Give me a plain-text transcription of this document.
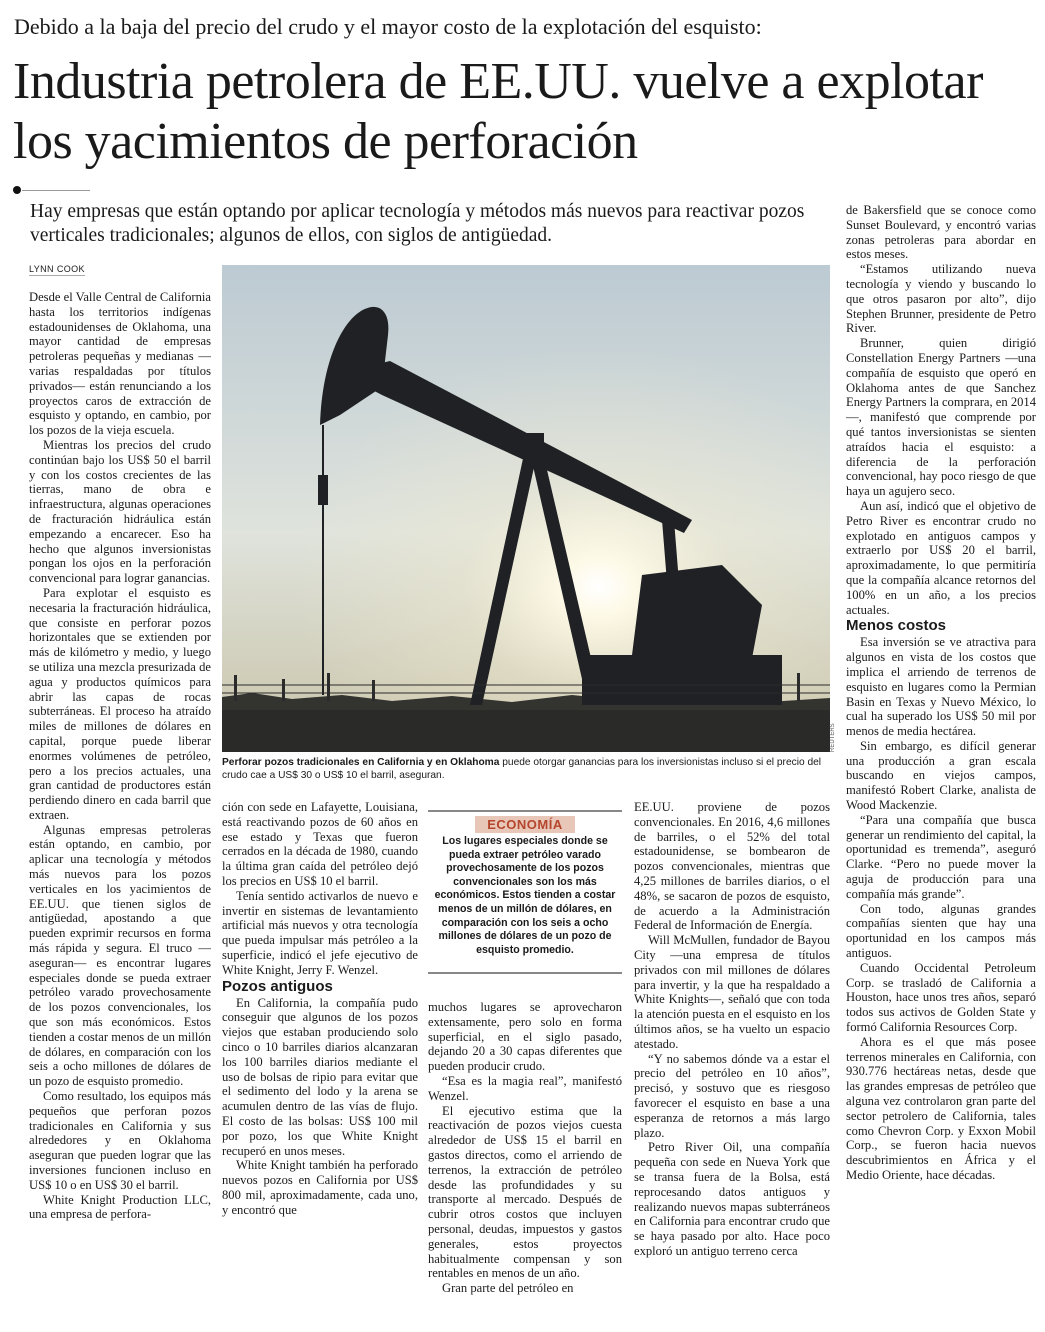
Debido a la baja del precio del crudo y el mayor costo de la explotación del esquisto:
Industria petrolera de EE.UU. vuelve a explotar los yacimientos de perforación
Hay empresas que están optando por aplicar tecnología y métodos más nuevos para reactivar pozos verticales tradicionales; algunos de ellos, con siglos de antigüedad.
LYNN COOK

Desde el Valle Central de California hasta los territorios indígenas estadounidenses de Oklahoma, una mayor cantidad de empresas petroleras pequeñas y medianas —varias respaldadas por títulos privados— están renunciando a los proyectos caros de extracción de esquisto y optando, en cambio, por los pozos de la vieja escuela.

Mientras los precios del crudo continúan bajo los US$ 50 el barril y con los costos crecientes de las tierras, mano de obra e infraestructura, algunas operaciones de fracturación hidráulica están empezando a encarecer. Eso ha hecho que algunos inversionistas pongan los ojos en la perforación convencional para lograr ganancias.

Para explotar el esquisto es necesaria la fracturación hidráulica, que consiste en perforar pozos horizontales que se extienden por más de kilómetro y medio, y luego se utiliza una mezcla presurizada de agua y productos químicos para abrir las capas de rocas subterráneas. El proceso ha atraído miles de millones de dólares en capital, porque puede liberar enormes volúmenes de petróleo, pero a los precios actuales, una gran cantidad de productores están perdiendo dinero en cada barril que extraen.

Algunas empresas petroleras están optando, en cambio, por aplicar una tecnología y métodos más nuevos para los pozos verticales en los yacimientos de EE.UU. que tienen siglos de antigüedad, apostando a que pueden exprimir recursos en forma más rápida y segura. El truco —aseguran— es encontrar lugares especiales donde se pueda extraer petróleo varado provechosamente de los pozos convencionales, los que son más económicos. Estos tienden a costar menos de un millón de dólares, en comparación con los seis a ocho millones de dólares de un pozo de esquisto promedio.

Como resultado, los equipos más pequeños que perforan pozos tradicionales en California y sus alrededores y en Oklahoma aseguran que pueden lograr que las inversiones funcionen incluso en US$ 10 o en US$ 30 el barril.

White Knight Production LLC, una empresa de perfora-

REUTERS
Perforar pozos tradicionales en California y en Oklahoma puede otorgar ganancias para los inversionistas incluso si el precio del crudo cae a US$ 30 o US$ 10 el barril, aseguran.

ción con sede en Lafayette, Louisiana, está reactivando pozos de 60 años en ese estado y Texas que fueron cerrados en la década de 1980, cuando la última gran caída del petróleo dejó los precios en US$ 10 el barril.

Tenía sentido activarlos de nuevo e invertir en sistemas de levantamiento artificial más nuevos y otra tecnología que pueda impulsar más petróleo a la superficie, indicó el jefe ejecutivo de White Knight, Jerry F. Wenzel.

Pozos antiguos

En California, la compañía pudo conseguir que algunos de los pozos viejos que estaban produciendo solo cinco o 10 barriles diarios alcanzaran los 100 barriles diarios mediante el uso de bolsas de ripio para evitar que el sedimento del lodo y la arena se acumulen dentro de las vías de flujo. El costo de las bolsas: US$ 100 mil por pozo, los que White Knight recuperó en unos meses.

White Knight también ha perforado nuevos pozos en California por US$ 800 mil, aproximadamente, cada uno, y encontró que

ECONOMÍA
Los lugares especiales donde se pueda extraer petróleo varado provechosamente de los pozos convencionales son los más económicos. Estos tienden a costar menos de un millón de dólares, en comparación con los seis a ocho millones de dólares de un pozo de esquisto promedio.

muchos lugares se aprovecharon extensamente, pero solo en forma superficial, en el siglo pasado, dejando 20 a 30 capas diferentes que pueden producir crudo.

“Esa es la magia real”, manifestó Wenzel.

El ejecutivo estima que la reactivación de pozos viejos cuesta alrededor de US$ 15 el barril en gastos directos, como el arriendo de terrenos, la extracción de petróleo desde las profundidades y su transporte al mercado. Después de cubrir otros costos que incluyen personal, deudas, impuestos y gastos generales, estos proyectos habitualmente compensan y son rentables en menos de un año.

Gran parte del petróleo en

EE.UU. proviene de pozos convencionales. En 2016, 4,6 millones de barriles, o el 52% del total estadounidense, se bombearon de pozos convencionales, mientras que 4,25 millones de barriles diarios, o el 48%, se sacaron de pozos de esquisto, de acuerdo a la Administración Federal de Información de Energía.

Will McMullen, fundador de Bayou City —una empresa de títulos privados con mil millones de dólares para invertir, y la que ha respaldado a White Knights—, señaló que con toda la atención puesta en el esquisto en los últimos años, se ha vuelto un espacio atestado.

“Y no sabemos dónde va a estar el precio del petróleo en 10 años”, precisó, y sostuvo que es riesgoso favorecer el esquisto en base a una esperanza de retornos a más largo plazo.

Petro River Oil, una compañía pequeña con sede en Nueva York que se transa fuera de la Bolsa, está reprocesando datos antiguos y realizando nuevos mapas subterráneos en California para encontrar crudo que se haya pasado por alto. Hace poco exploró un antiguo terreno cerca

de Bakersfield que se conoce como Sunset Boulevard, y encontró varias zonas petroleras para abordar en estos meses.

“Estamos utilizando nueva tecnología y viendo y buscando lo que otros pasaron por alto”, dijo Stephen Brunner, presidente de Petro River.

Brunner, quien dirigió Constellation Energy Partners —una compañía de esquisto que operó en Oklahoma antes de que Sanchez Energy Partners la comprara, en 2014—, manifestó que comprende por qué tantos inversionistas se sienten atraídos hacia el esquisto: a diferencia de la perforación convencional, hay poco riesgo de que haya un agujero seco.

Aun así, indicó que el objetivo de Petro River es encontrar crudo no explotado en antiguos campos y extraerlo por US$ 20 el barril, aproximadamente, lo que permitiría que la compañía alcance retornos del 100% en un año, a los precios actuales.

Menos costos

Esa inversión se ve atractiva para algunos en vista de los costos que implica el arriendo de terrenos de esquisto en lugares como la Permian Basin en Texas y Nuevo México, lo cual ha superado los US$ 50 mil por menos de media hectárea.

Sin embargo, es difícil generar una producción a gran escala buscando en viejos campos, manifestó Robert Clarke, analista de Wood Mackenzie.

“Para una compañía que busca generar un rendimiento del capital, la oportunidad es tremenda”, aseguró Clarke. “Pero no puede mover la aguja de producción para una compañía más grande”.

Con todo, algunas grandes compañías sienten que hay una oportunidad en los campos más antiguos.

Cuando Occidental Petroleum Corp. se trasladó de California a Houston, hace unos tres años, separó todos sus activos de Golden State y formó California Resources Corp.

Ahora es el que más posee terrenos minerales en California, con 930.776 hectáreas netas, desde que las grandes empresas de petróleo que alguna vez controlaron gran parte del sector petrolero de California, tales como Chevron Corp. y Exxon Mobil Corp., se fueron hacia nuevos descubrimientos en África y el Medio Oriente, hace décadas.
